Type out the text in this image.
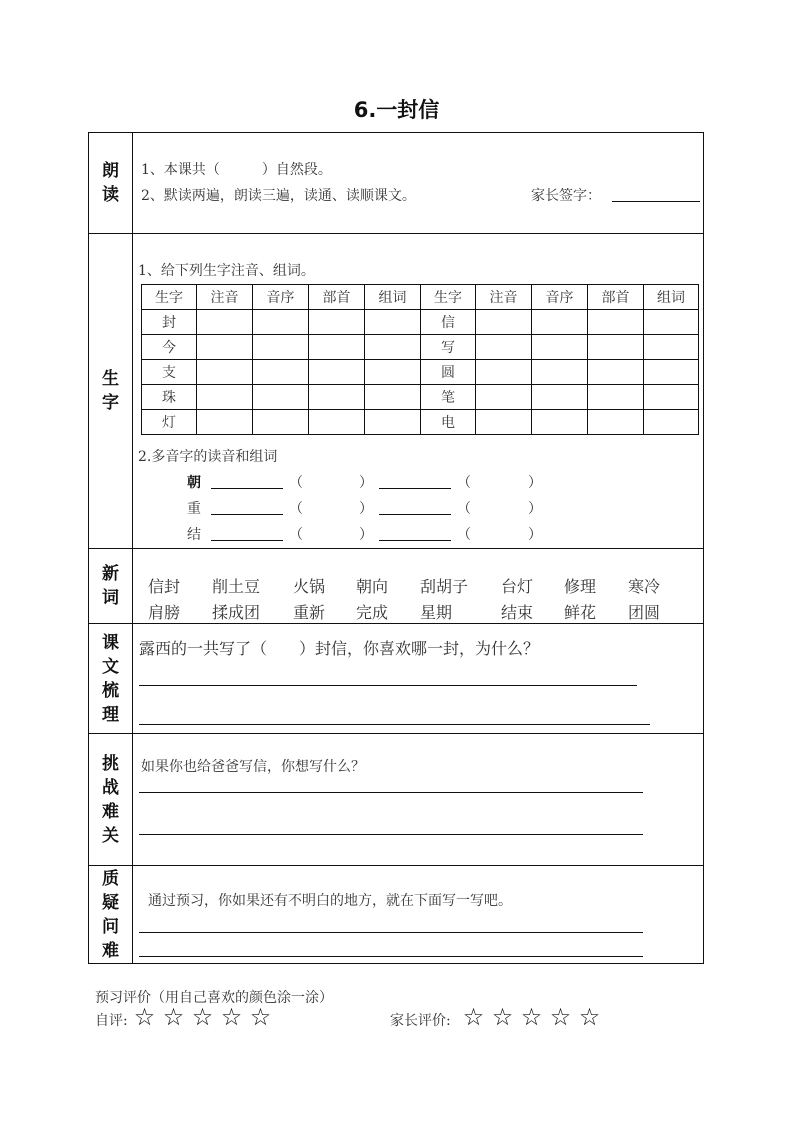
6.一封信
朗
读
1、本课共（　　　）自然段。
2、默读两遍，朗读三遍，读通、读顺课文。	家长签字：
生
字
1、给下列生字注音、组词。
生字	注音	音序	部首	组词	生字	注音	音序	部首	组词
封					信				
今					写				
支					圆				
珠					笔				
灯					电				
2.多音字的读音和组词
朝	（	）	（	）
重	（	）	（	）
结	（	）	（	）
新
词
信封 削土豆 火锅 朝向 刮胡子 台灯 修理 寒冷
肩膀 揉成团 重新 完成 星期	结束 鲜花 团圆
课
文
梳
理
露西的一共写了（　　）封信，你喜欢哪一封，为什么？
挑
战
难
关
如果你也给爸爸写信，你想写什么？
质
疑
问
难
通过预习，你如果还有不明白的地方，就在下面写一写吧。
预习评价（用自己喜欢的颜色涂一涂）
自评: ☆ ☆ ☆ ☆ ☆	家长评价: ☆ ☆ ☆ ☆ ☆
